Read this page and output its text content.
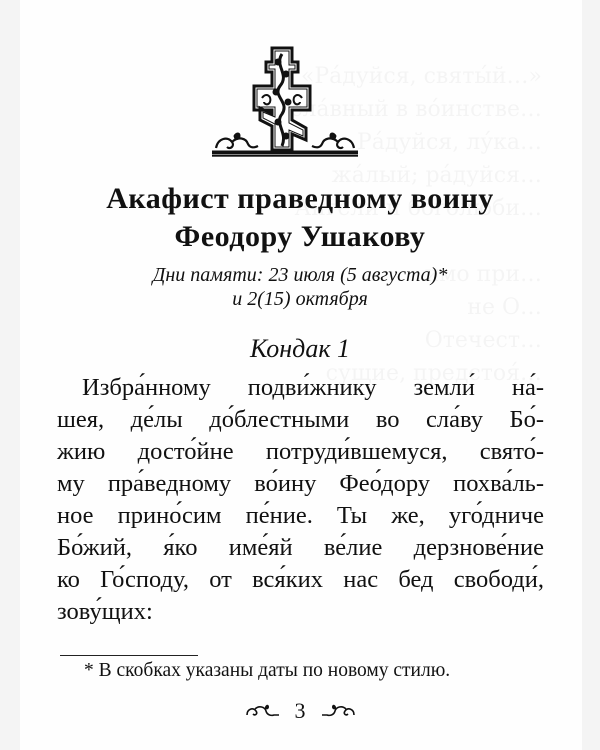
Акафист праведному воину
Феодору Ушакову
Дни памяти: 23 июля (5 августа)*
и 2(15) октября
Кондак 1
Избра́нному подви́жнику земли́ на́-
шея, де́лы до́блестными во сла́ву Бо́-
жию досто́йне потруди́вшемуся, свято́-
му пра́ведному во́ину Фео́дору похва́ль-
ное прино́сим пе́ние. Ты же, уго́дниче
Бо́жий, я́ко име́яй ве́лие дерзнове́ние
ко Го́споду, от вся́ких нас бед свободи́,
зову́щих:
* В скобках указаны даты по новому стилю.
3
